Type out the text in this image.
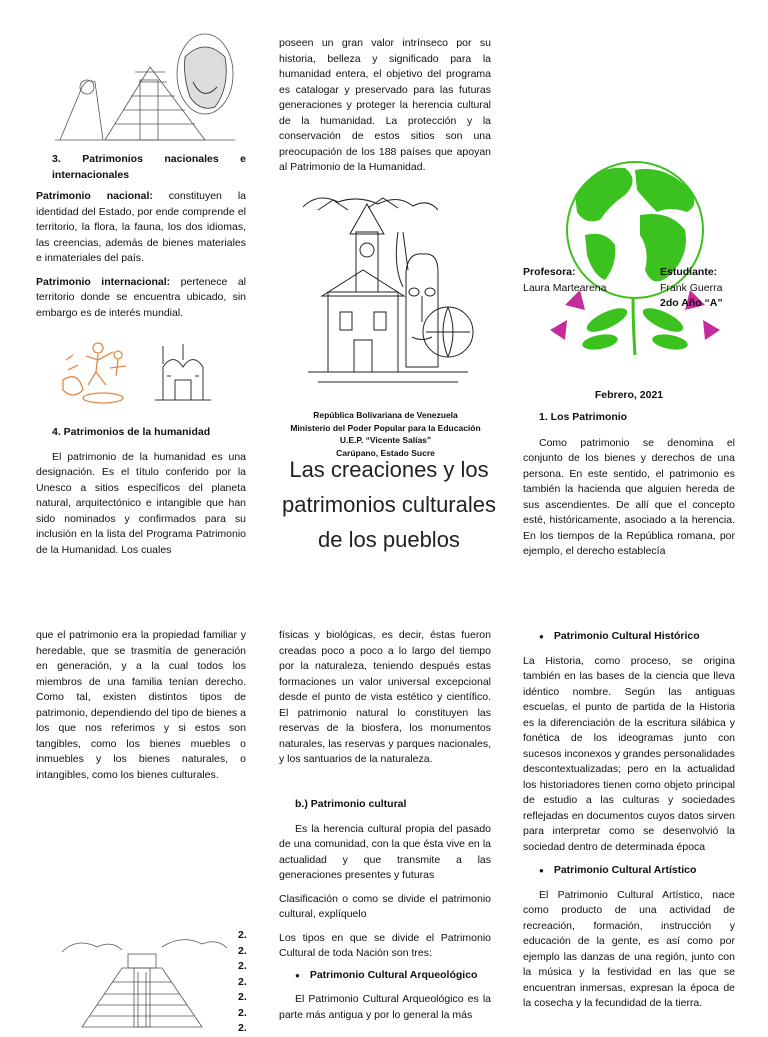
3. Patrimonios nacionales e internacionales

Patrimonio nacional: constituyen la identidad del Estado, por ende comprende el territorio, la flora, la fauna, los dos idiomas, las creencias, además de bienes materiales e inmateriales del país.

Patrimonio internacional: pertenece al territorio donde se encuentra ubicado, sin embargo es de interés mundial.

4. Patrimonios de la humanidad

El patrimonio de la humanidad es una designación. Es el título conferido por la Unesco a sitios específicos del planeta natural, arquitectónico e intangible que han sido nominados y confirmados para su inclusión en la lista del Programa Patrimonio de la Humanidad. Los cuales

poseen un gran valor intrínseco por su historia, belleza y significado para la humanidad entera, el objetivo del programa es catalogar y preservado para las futuras generaciones y proteger la herencia cultural de la humanidad. La protección y la conservación de estos sitios son una preocupación de los 188 países que apoyan al Patrimonio de la Humanidad.

República Bolivariana de Venezuela
Ministerio del Poder Popular para la Educación
U.E.P. “Vicente Salías”
Carúpano, Estado Sucre
Las creaciones y los patrimonios culturales de los pueblos
Profesora:
Laura Martearena
Estudiante:
Frank Guerra
2do Año “A”
Febrero, 2021
1. Los Patrimonio

Como patrimonio se denomina el conjunto de los bienes y derechos de una persona. En este sentido, el patrimonio es también la hacienda que alguien hereda de sus ascendientes. De allí que el concepto esté, históricamente, asociado a la herencia. En los tiempos de la República romana, por ejemplo, el derecho establecía

que el patrimonio era la propiedad familiar y heredable, que se trasmitía de generación en generación, y a la cual todos los miembros de una familia tenían derecho. Como tal, existen distintos tipos de patrimonio, dependiendo del tipo de bienes a los que nos referimos y si estos son tangibles, como los bienes muebles o inmuebles y los bienes naturales, o intangibles, como los bienes culturales.

físicas y biológicas, es decir, éstas fueron creadas poco a poco a lo largo del tiempo por la naturaleza, teniendo después estas formaciones un valor universal excepcional desde el punto de vista estético y científico. El patrimonio natural lo constituyen las reservas de la biosfera, los monumentos naturales, las reservas y parques nacionales, y los santuarios de la naturaleza.

b.) Patrimonio cultural

Es la herencia cultural propia del pasado de una comunidad, con la que ésta vive en la actualidad y que transmite a las generaciones presentes y futuras

Clasificación o como se divide el patrimonio cultural, explíquelo

Los tipos en que se divide el Patrimonio Cultural de toda Nación son tres:

● Patrimonio Cultural Arqueológico

El Patrimonio Cultural Arqueológico es la parte más antigua y por lo general la más

2.
2.
2.
2.
2.
2.
2.
● Patrimonio Cultural Histórico

La Historia, como proceso, se origina también en las bases de la ciencia que lleva idéntico nombre. Según las antiguas escuelas, el punto de partida de la Historia es la diferenciación de la escritura silábica y fonética de los ideogramas junto con sucesos inconexos y grandes personalidades descontextualizadas; pero en la actualidad los historiadores tienen como objeto principal de estudio a las culturas y sociedades reflejadas en documentos cuyos datos sirven para interpretar como se desenvolvió la sociedad dentro de determinada época

● Patrimonio Cultural Artístico

El Patrimonio Cultural Artístico, nace como producto de una actividad de recreación, formación, instrucción y educación de la gente, es así como por ejemplo las danzas de una región, junto con la música y la festividad en las que se encuentran inmersas, expresan la época de la cosecha y la fecundidad de la tierra.
